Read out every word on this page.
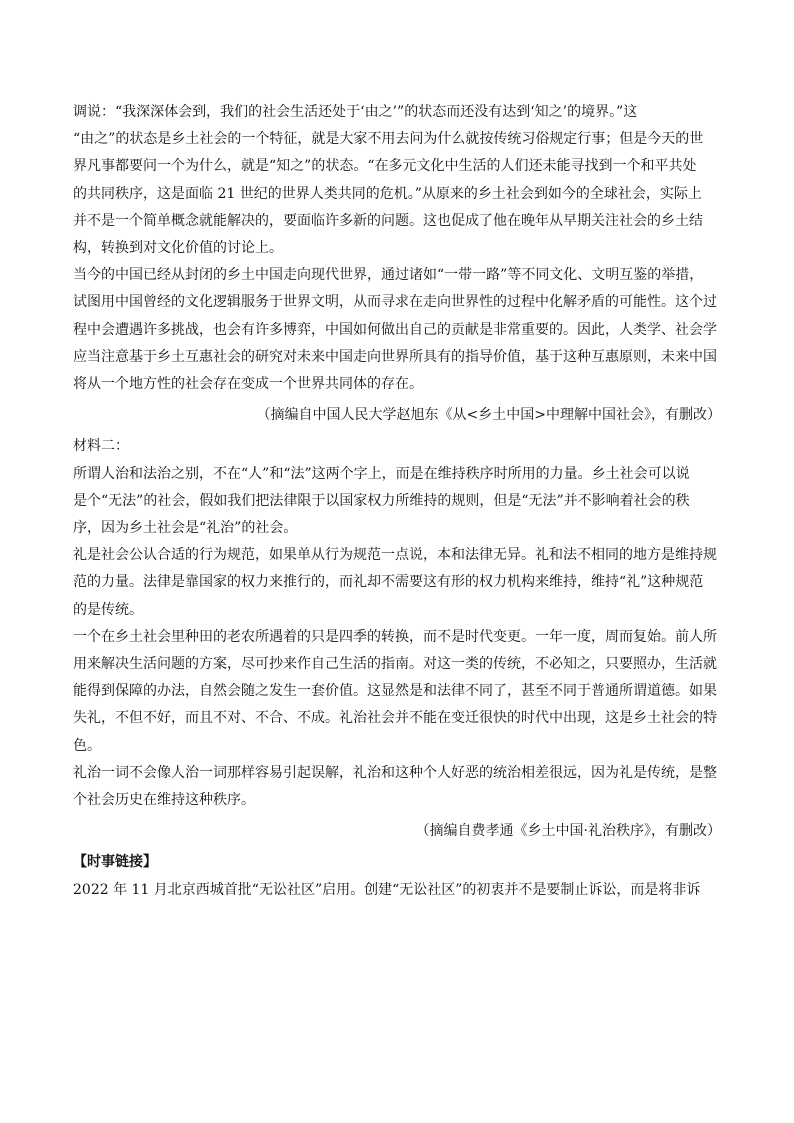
调说：“我深深体会到，我们的社会生活还处于‘由之’”的状态而还没有达到‘知之’的境界。”这
“由之”的状态是乡土社会的一个特征，就是大家不用去问为什么就按传统习俗规定行事；但是今天的世
界凡事都要问一个为什么，就是“知之”的状态。“在多元文化中生活的人们还未能寻找到一个和平共处
的共同秩序，这是面临 21 世纪的世界人类共同的危机。”从原来的乡土社会到如今的全球社会，实际上
并不是一个简单概念就能解决的，要面临许多新的问题。这也促成了他在晚年从早期关注社会的乡土结
构，转换到对文化价值的讨论上。
当今的中国已经从封闭的乡土中国走向现代世界，通过诸如“一带一路”等不同文化、文明互鉴的举措，
试图用中国曾经的文化逻辑服务于世界文明，从而寻求在走向世界性的过程中化解矛盾的可能性。这个过
程中会遭遇许多挑战，也会有许多博弈，中国如何做出自己的贡献是非常重要的。因此，人类学、社会学
应当注意基于乡土互惠社会的研究对未来中国走向世界所具有的指导价值，基于这种互惠原则，未来中国
将从一个地方性的社会存在变成一个世界共同体的存在。
（摘编自中国人民大学赵旭东《从<乡土中国>中理解中国社会》，有删改）
材料二：
所谓人治和法治之别，不在“人”和“法”这两个字上，而是在维持秩序时所用的力量。乡土社会可以说
是个“无法”的社会，假如我们把法律限于以国家权力所维持的规则，但是“无法”并不影响着社会的秩
序，因为乡土社会是“礼治”的社会。
礼是社会公认合适的行为规范，如果单从行为规范一点说，本和法律无异。礼和法不相同的地方是维持规
范的力量。法律是靠国家的权力来推行的，而礼却不需要这有形的权力机构来维持，维持“礼”这种规范
的是传统。
一个在乡土社会里种田的老农所遇着的只是四季的转换，而不是时代变更。一年一度，周而复始。前人所
用来解决生活问题的方案，尽可抄来作自己生活的指南。对这一类的传统，不必知之，只要照办，生活就
能得到保障的办法，自然会随之发生一套价值。这显然是和法律不同了，甚至不同于普通所谓道德。如果
失礼，不但不好，而且不对、不合、不成。礼治社会并不能在变迁很快的时代中出现，这是乡土社会的特
色。
礼治一词不会像人治一词那样容易引起误解，礼治和这种个人好恶的统治相差很远，因为礼是传统，是整
个社会历史在维持这种秩序。
（摘编自费孝通《乡土中国·礼治秩序》，有删改）
【时事链接】
2022 年 11 月北京西城首批“无讼社区”启用。创建“无讼社区”的初衷并不是要制止诉讼，而是将非诉
